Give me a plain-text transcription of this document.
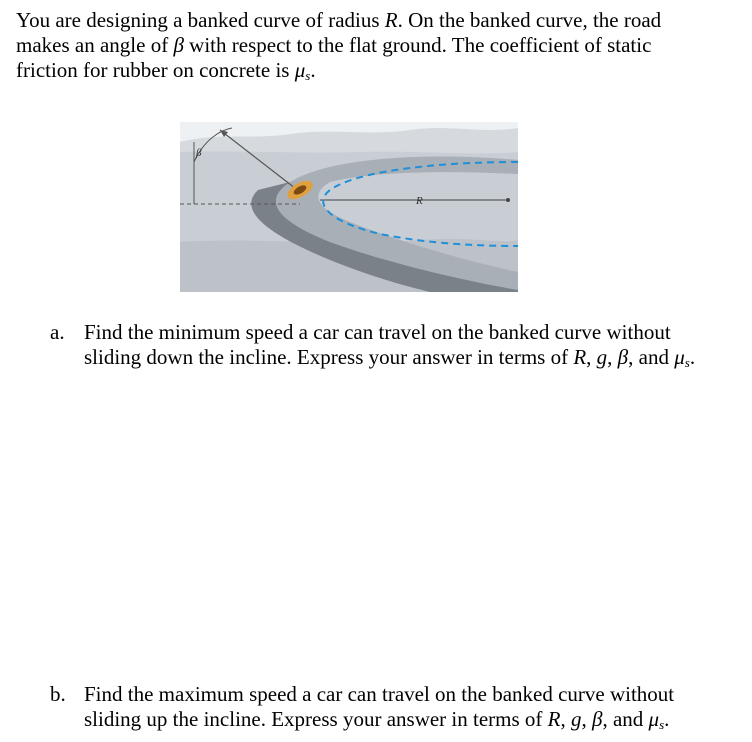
You are designing a banked curve of radius R. On the banked curve, the road
makes an angle of β with respect to the flat ground. The coefficient of static
friction for rubber on concrete is $\mu_s$.
β
R
a. Find the minimum speed a car can travel on the banked curve without
sliding down the incline. Express your answer in terms of R, g, β, and $\mu_s$.
b. Find the maximum speed a car can travel on the banked curve without
sliding up the incline. Express your answer in terms of R, g, β, and $\mu_s$.
